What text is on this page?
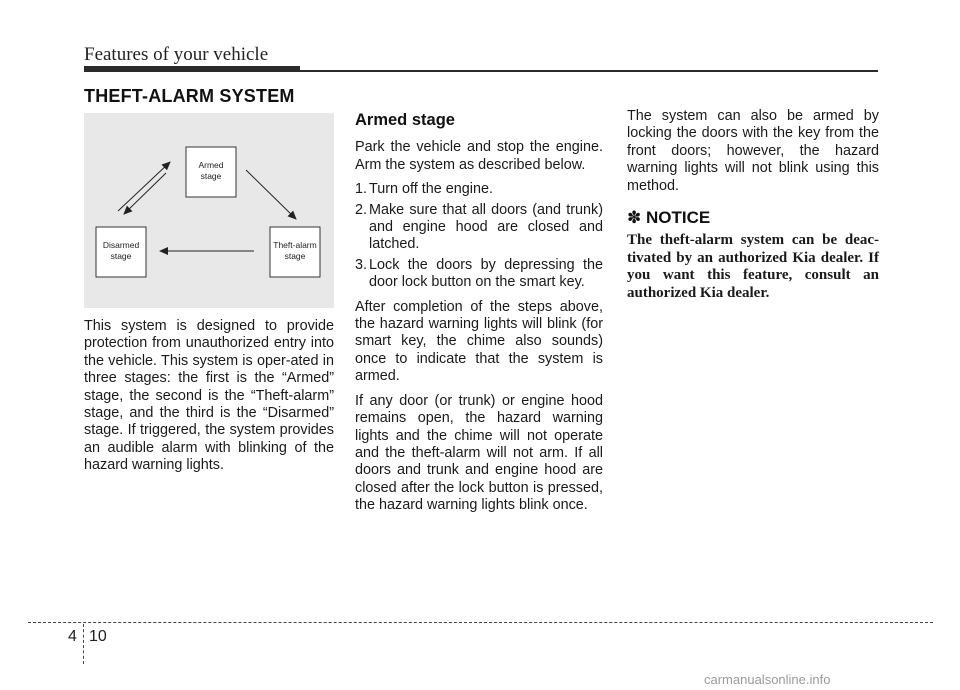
Features of your vehicle
THEFT-ALARM SYSTEM
Armed
stage
Disarmed
stage
Theft-alarm
stage

This system is designed to provide protection from unauthorized entry into the vehicle. This system is oper-ated in three stages: the first is the “Armed” stage, the second is the “Theft-alarm” stage, and the third is the “Disarmed” stage. If triggered, the system provides an audible alarm with blinking of the hazard warning lights.

Armed stage

Park the vehicle and stop the engine. Arm the system as described below.

1. Turn off the engine.
2. Make sure that all doors (and trunk) and engine hood are closed and latched.
3. Lock the doors by depressing the door lock button on the smart key.

After completion of the steps above, the hazard warning lights will blink (for smart key, the chime also sounds) once to indicate that the system is armed.

If any door (or trunk) or engine hood remains open, the hazard warning lights and the chime will not operate and the theft-alarm will not arm. If all doors and trunk and engine hood are closed after the lock button is pressed, the hazard warning lights blink once.

The system can also be armed by locking the doors with the key from the front doors; however, the hazard warning lights will not blink using this method.

✽ NOTICE

The theft-alarm system can be deac-tivated by an authorized Kia dealer. If you want this feature, consult an authorized Kia dealer.

4 10
carmanualsonline.info
